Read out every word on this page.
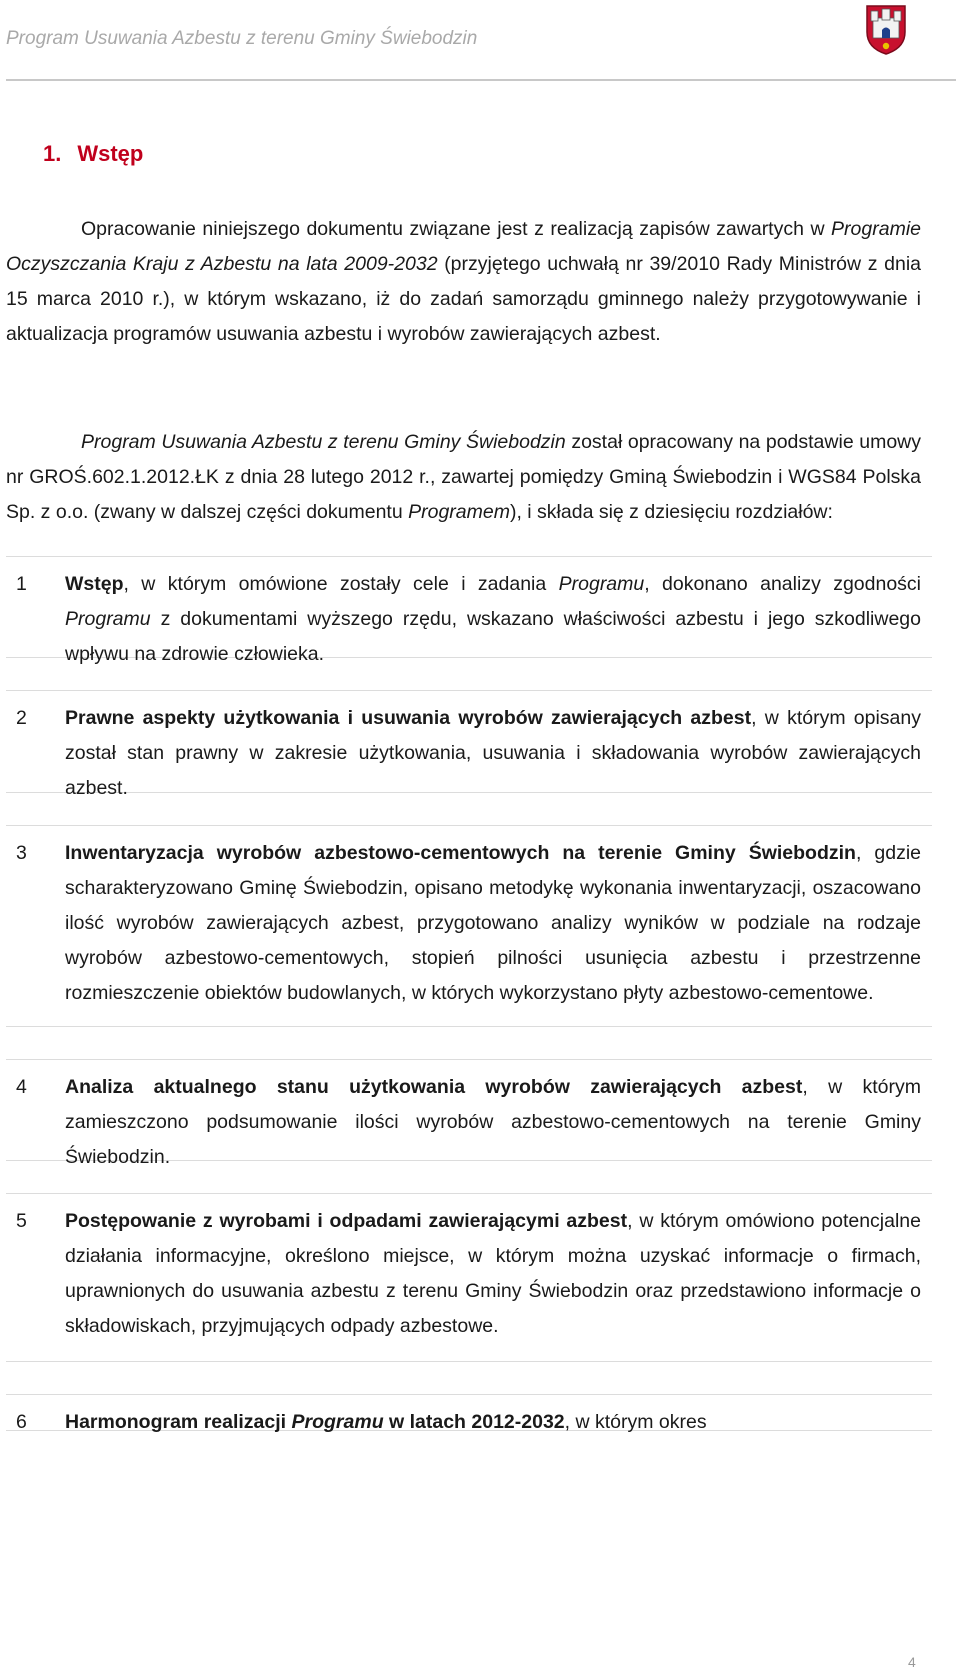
Program Usuwania Azbestu z terenu Gminy Świebodzin
1. Wstęp
Opracowanie niniejszego dokumentu związane jest z realizacją zapisów zawartych w Programie Oczyszczania Kraju z Azbestu na lata 2009-2032 (przyjętego uchwałą nr 39/2010 Rady Ministrów z dnia 15 marca 2010 r.), w którym wskazano, iż do zadań samorządu gminnego należy przygotowywanie i aktualizacja programów usuwania azbestu i wyrobów zawierających azbest.
Program Usuwania Azbestu z terenu Gminy Świebodzin został opracowany na podstawie umowy nr GROŚ.602.1.2012.ŁK z dnia 28 lutego 2012 r., zawartej pomiędzy Gminą Świebodzin i WGS84 Polska Sp. z o.o. (zwany w dalszej części dokumentu Programem), i składa się z dziesięciu rozdziałów:
1 Wstęp, w którym omówione zostały cele i zadania Programu, dokonano analizy zgodności Programu z dokumentami wyższego rzędu, wskazano właściwości azbestu i jego szkodliwego wpływu na zdrowie człowieka.
2 Prawne aspekty użytkowania i usuwania wyrobów zawierających azbest, w którym opisany został stan prawny w zakresie użytkowania, usuwania i składowania wyrobów zawierających azbest.
3 Inwentaryzacja wyrobów azbestowo-cementowych na terenie Gminy Świebodzin, gdzie scharakteryzowano Gminę Świebodzin, opisano metodykę wykonania inwentaryzacji, oszacowano ilość wyrobów zawierających azbest, przygotowano analizy wyników w podziale na rodzaje wyrobów azbestowo-cementowych, stopień pilności usunięcia azbestu i przestrzenne rozmieszczenie obiektów budowlanych, w których wykorzystano płyty azbestowo-cementowe.
4 Analiza aktualnego stanu użytkowania wyrobów zawierających azbest, w którym zamieszczono podsumowanie ilości wyrobów azbestowo-cementowych na terenie Gminy Świebodzin.
5 Postępowanie z wyrobami i odpadami zawierającymi azbest, w którym omówiono potencjalne działania informacyjne, określono miejsce, w którym można uzyskać informacje o firmach, uprawnionych do usuwania azbestu z terenu Gminy Świebodzin oraz przedstawiono informacje o składowiskach, przyjmujących odpady azbestowe.
6 Harmonogram realizacji Programu w latach 2012-2032, w którym okres
4
